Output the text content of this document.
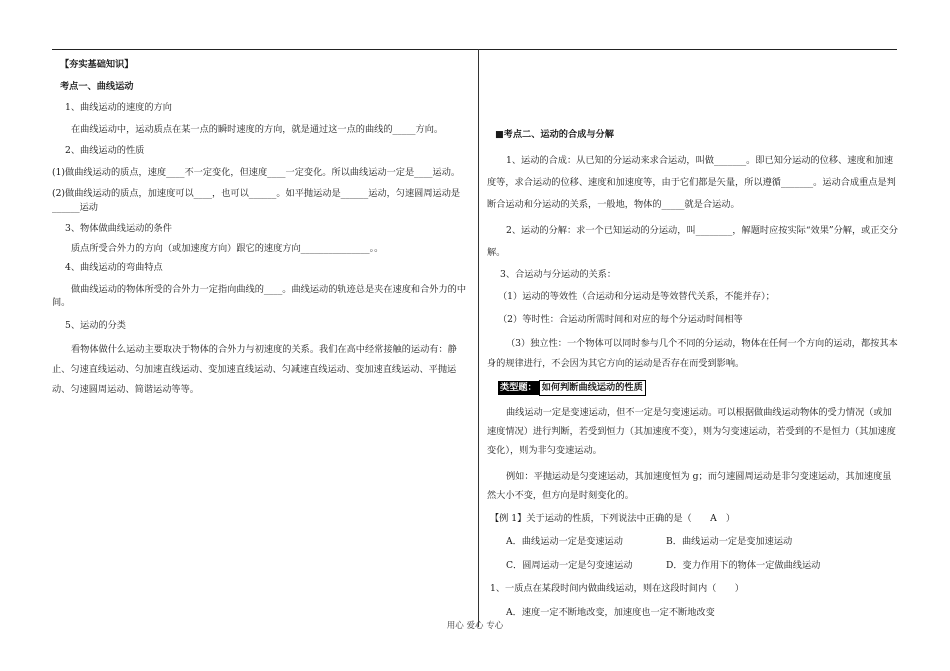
【夯实基础知识】

考点一、曲线运动

1、曲线运动的速度的方向

在曲线运动中，运动质点在某一点的瞬时速度的方向，就是通过这一点的曲线的_____方向。

2、曲线运动的性质

(1)做曲线运动的质点，速度____不一定变化，但速度____一定变化。所以曲线运动一定是____运动。

(2)做曲线运动的质点，加速度可以____，也可以______。如平抛运动是______运动，匀速圆周运动是______运动

3、物体做曲线运动的条件

质点所受合外力的方向（或加速度方向）跟它的速度方向_______________。。

4、曲线运动的弯曲特点

做曲线运动的物体所受的合外力一定指向曲线的____。曲线运动的轨迹总是夹在速度和合外力的中间。

5、运动的分类

看物体做什么运动主要取决于物体的合外力与初速度的关系。我们在高中经常接触的运动有：静止、匀速直线运动、匀加速直线运动、变加速直线运动、匀减速直线运动、变加速直线运动、平抛运动、匀速圆周运动、简谐运动等等。

■考点二、运动的合成与分解

1、运动的合成：从已知的分运动来求合运动，叫做_______。即已知分运动的位移、速度和加速度等，求合运动的位移、速度和加速度等，由于它们都是矢量，所以遵循_______。运动合成重点是判断合运动和分运动的关系，一般地，物体的_____就是合运动。

2、运动的分解：求一个已知运动的分运动，叫________，解题时应按实际“效果”分解，或正交分解。

3、合运动与分运动的关系：

（1）运动的等效性（合运动和分运动是等效替代关系，不能并存）；

（2）等时性：合运动所需时间和对应的每个分运动时间相等

（3）独立性：一个物体可以同时参与几个不同的分运动，物体在任何一个方向的运动，都按其本身的规律进行，不会因为其它方向的运动是否存在而受到影响。

类型题： 如何判断曲线运动的性质

曲线运动一定是变速运动，但不一定是匀变速运动。可以根据做曲线运动物体的受力情况（或加速度情况）进行判断，若受到恒力（其加速度不变），则为匀变速运动，若受到的不是恒力（其加速度变化），则为非匀变速运动。

例如：平抛运动是匀变速运动，其加速度恒为 g；而匀速圆周运动是非匀变速运动，其加速度虽然大小不变，但方向是时刻变化的。

【例 1】关于运动的性质，下列说法中正确的是（　　A　）

A．曲线运动一定是变速运动	B．曲线运动一定是变加速运动
C．圆周运动一定是匀变速运动	D．变力作用下的物体一定做曲线运动

1、一质点在某段时间内做曲线运动，则在这段时间内（　　）

A．速度一定不断地改变，加速度也一定不断地改变

用心 爱心 专心
